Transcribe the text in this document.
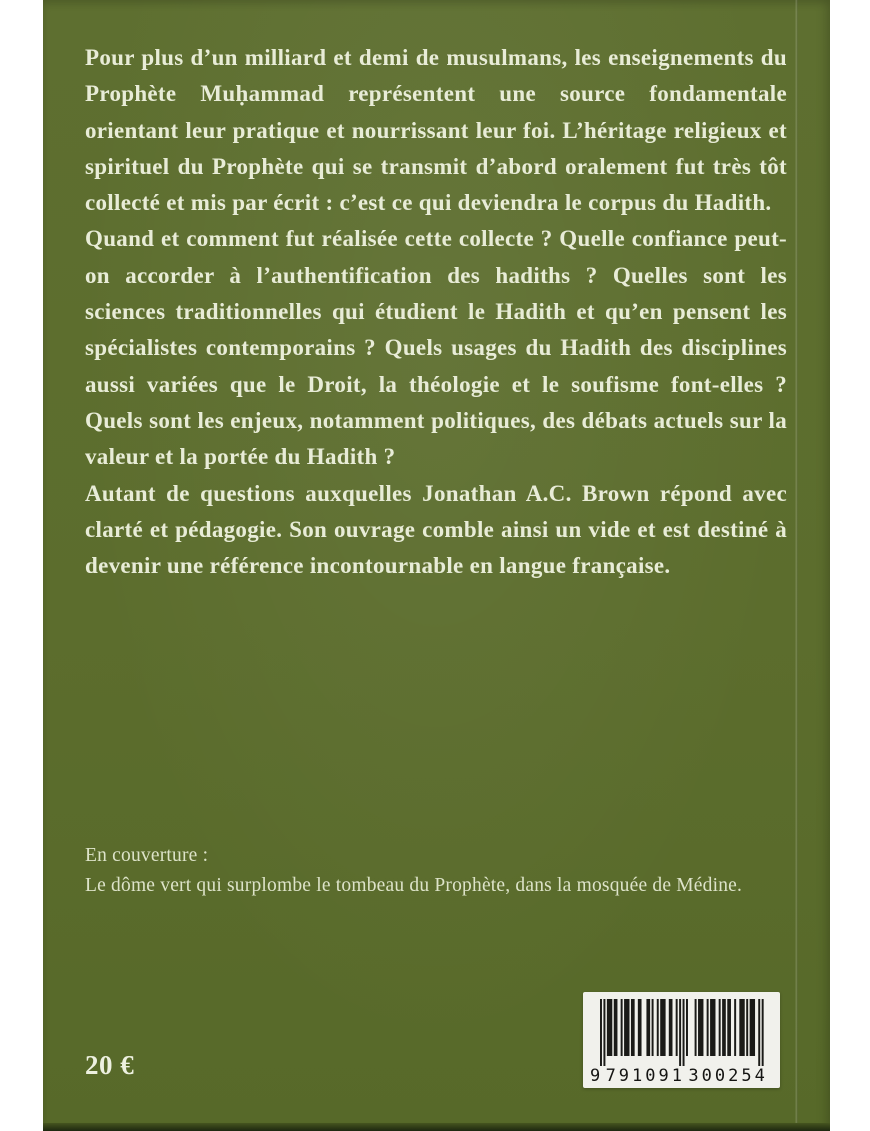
Pour plus d’un milliard et demi de musulmans, les enseignements du Prophète Muḥammad représentent une source fondamentale orientant leur pratique et nourrissant leur foi. L’héritage religieux et spirituel du Prophète qui se transmit d’abord oralement fut très tôt collecté et mis par écrit : c’est ce qui deviendra le corpus du Hadith.

Quand et comment fut réalisée cette collecte ? Quelle confiance peut-on accorder à l’authentification des hadiths ? Quelles sont les sciences traditionnelles qui étudient le Hadith et qu’en pensent les spécialistes contemporains ? Quels usages du Hadith des disciplines aussi variées que le Droit, la théologie et le soufisme font-elles ? Quels sont les enjeux, notamment politiques, des débats actuels sur la valeur et la portée du Hadith ?

Autant de questions auxquelles Jonathan A.C. Brown répond avec clarté et pédagogie. Son ouvrage comble ainsi un vide et est destiné à devenir une référence incontournable en langue française.

En couverture :

Le dôme vert qui surplombe le tombeau du Prophète, dans la mosquée de Médine.

20 €	9 791091 300254
